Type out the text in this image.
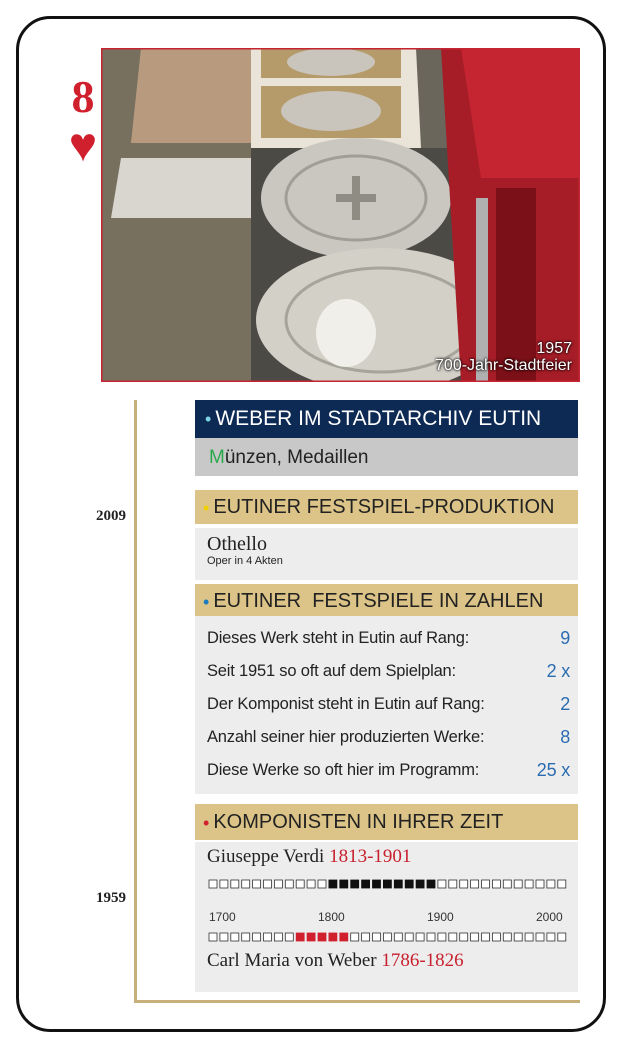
8
♥
1957
700-Jahr-Stadtfeier
2009
1959
• WEBER IM STADTARCHIV EUTIN
Münzen, Medaillen
• EUTINER FESTSPIEL-PRODUKTION
Othello
Oper in 4 Akten
• EUTINER  FESTSPIELE IN ZAHLEN
Dieses Werk steht in Eutin auf Rang:	9
Seit 1951 so oft auf dem Spielplan:	2 x
Der Komponist steht in Eutin auf Rang:	2
Anzahl seiner hier produzierten Werke:	8
Diese Werke so oft hier im Programm:	25 x
• KOMPONISTEN IN IHRER ZEIT
Giuseppe Verdi 1813-1901
1700	1800	1900	2000
Carl Maria von Weber 1786-1826
